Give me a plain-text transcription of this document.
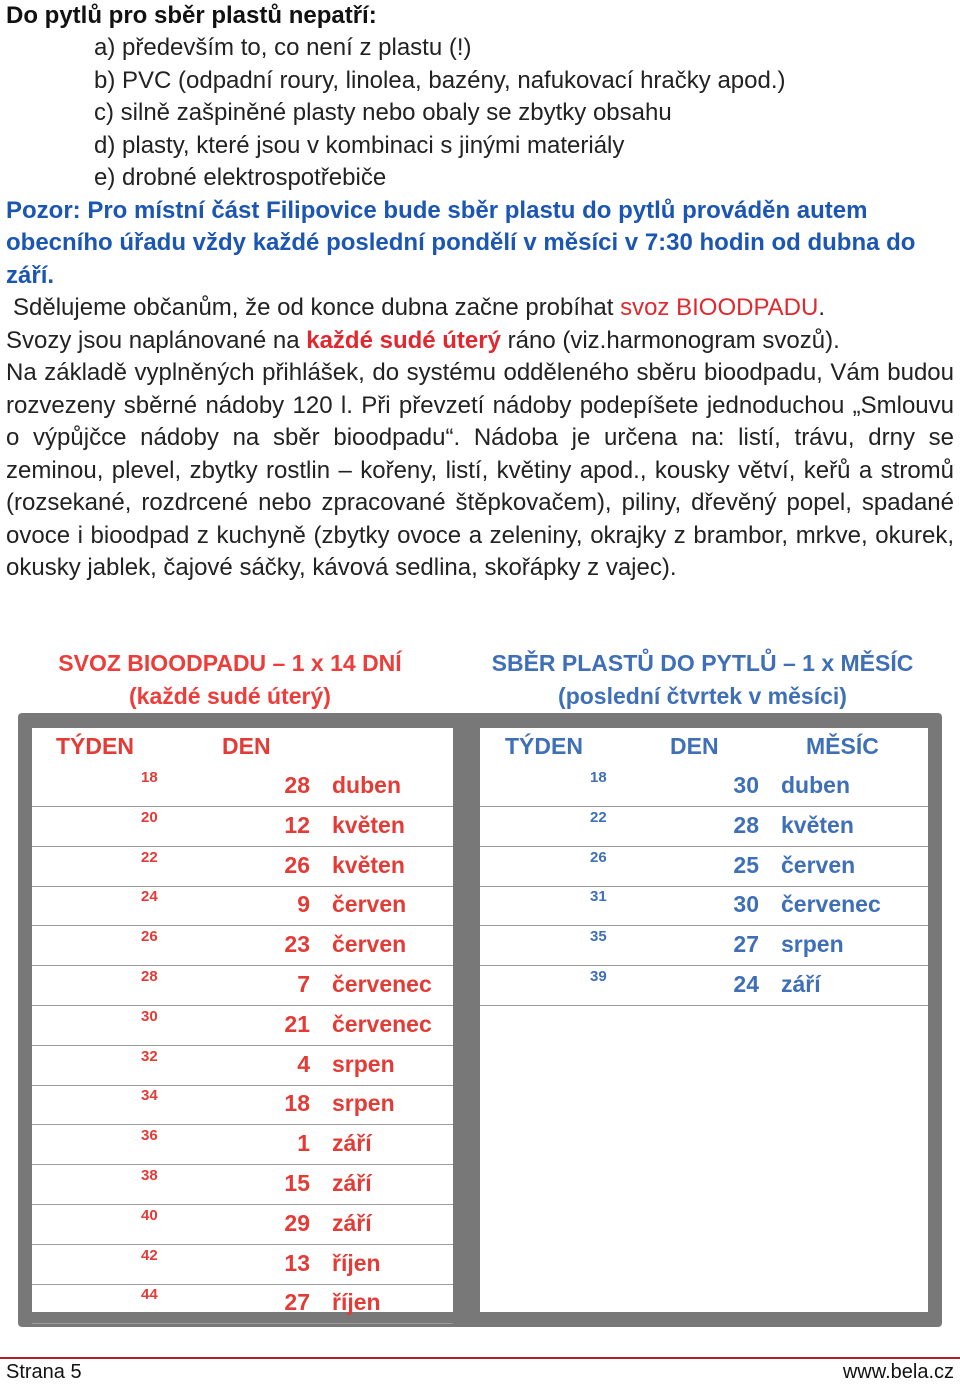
Do pytlů pro sběr plastů nepatří:

a) především to, co není z plastu (!)
b) PVC (odpadní roury, linolea, bazény, nafukovací hračky apod.)
c) silně zašpiněné plasty nebo obaly se zbytky obsahu
d) plasty, které jsou v kombinaci s jinými materiály
e) drobné elektrospotřebiče

Pozor: Pro místní část Filipovice bude sběr plastu do pytlů prováděn autem obecního úřadu vždy každé poslední pondělí v měsíci v 7:30 hodin od dubna do září.

Sdělujeme občanům, že od konce dubna začne probíhat svoz BIOODPADU.
Svozy jsou naplánované na každé sudé úterý ráno (viz.harmonogram svozů).
Na základě vyplněných přihlášek, do systému odděleného sběru bioodpadu, Vám budou rozvezeny sběrné nádoby 120 l. Při převzetí nádoby podepíšete jednoduchou „Smlouvu o výpůjčce nádoby na sběr bioodpadu“. Nádoba je určena na: listí, trávu, drny se zeminou, plevel, zbytky rostlin – kořeny, listí, květiny apod., kousky větví, keřů a stromů (rozsekané, rozdrcené nebo zpracované štěpkovačem), piliny, dřevěný popel, spadané ovoce i bioodpad z kuchyně (zbytky ovoce a zeleniny, okrajky z brambor, mrkve, okurek, okusky jablek, čajové sáčky, kávová sedlina, skořápky z vajec).
SVOZ BIOODPADU – 1 x 14 DNÍ
(každé sudé úterý)
SBĚR PLASTŮ DO PYTLŮ – 1 x MĚSÍC
(poslední čtvrtek v měsíci)
TÝDEN	DEN	TÝDEN	DEN	MĚSÍC
18	28 duben
20	12 květen
22	26 květen
24	9 červen
26	23 červen
28	7 červenec
30	21 červenec
32	4 srpen
34	18 srpen
36	1 září
38	15 září
40	29 září
42	13 říjen
44	27 říjen
18	30 duben
22	28 květen
26	25 červen
31	30 červenec
35	27 srpen
39	24 září
Strana 5	www.bela.cz
